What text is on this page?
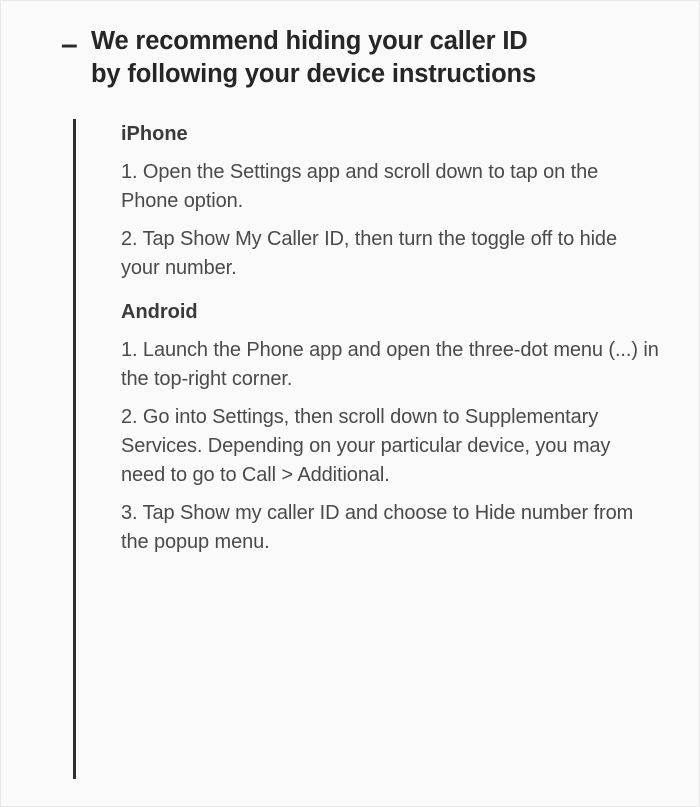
– We recommend hiding your caller ID
by following your device instructions
iPhone

1. Open the Settings app and scroll down to tap on the Phone option.

2. Tap Show My Caller ID, then turn the toggle off to hide your number.

Android

1. Launch the Phone app and open the three-dot menu (...) in the top-right corner.

2. Go into Settings, then scroll down to Supplementary Services. Depending on your particular device, you may need to go to Call > Additional.

3. Tap Show my caller ID and choose to Hide number from the popup menu.
